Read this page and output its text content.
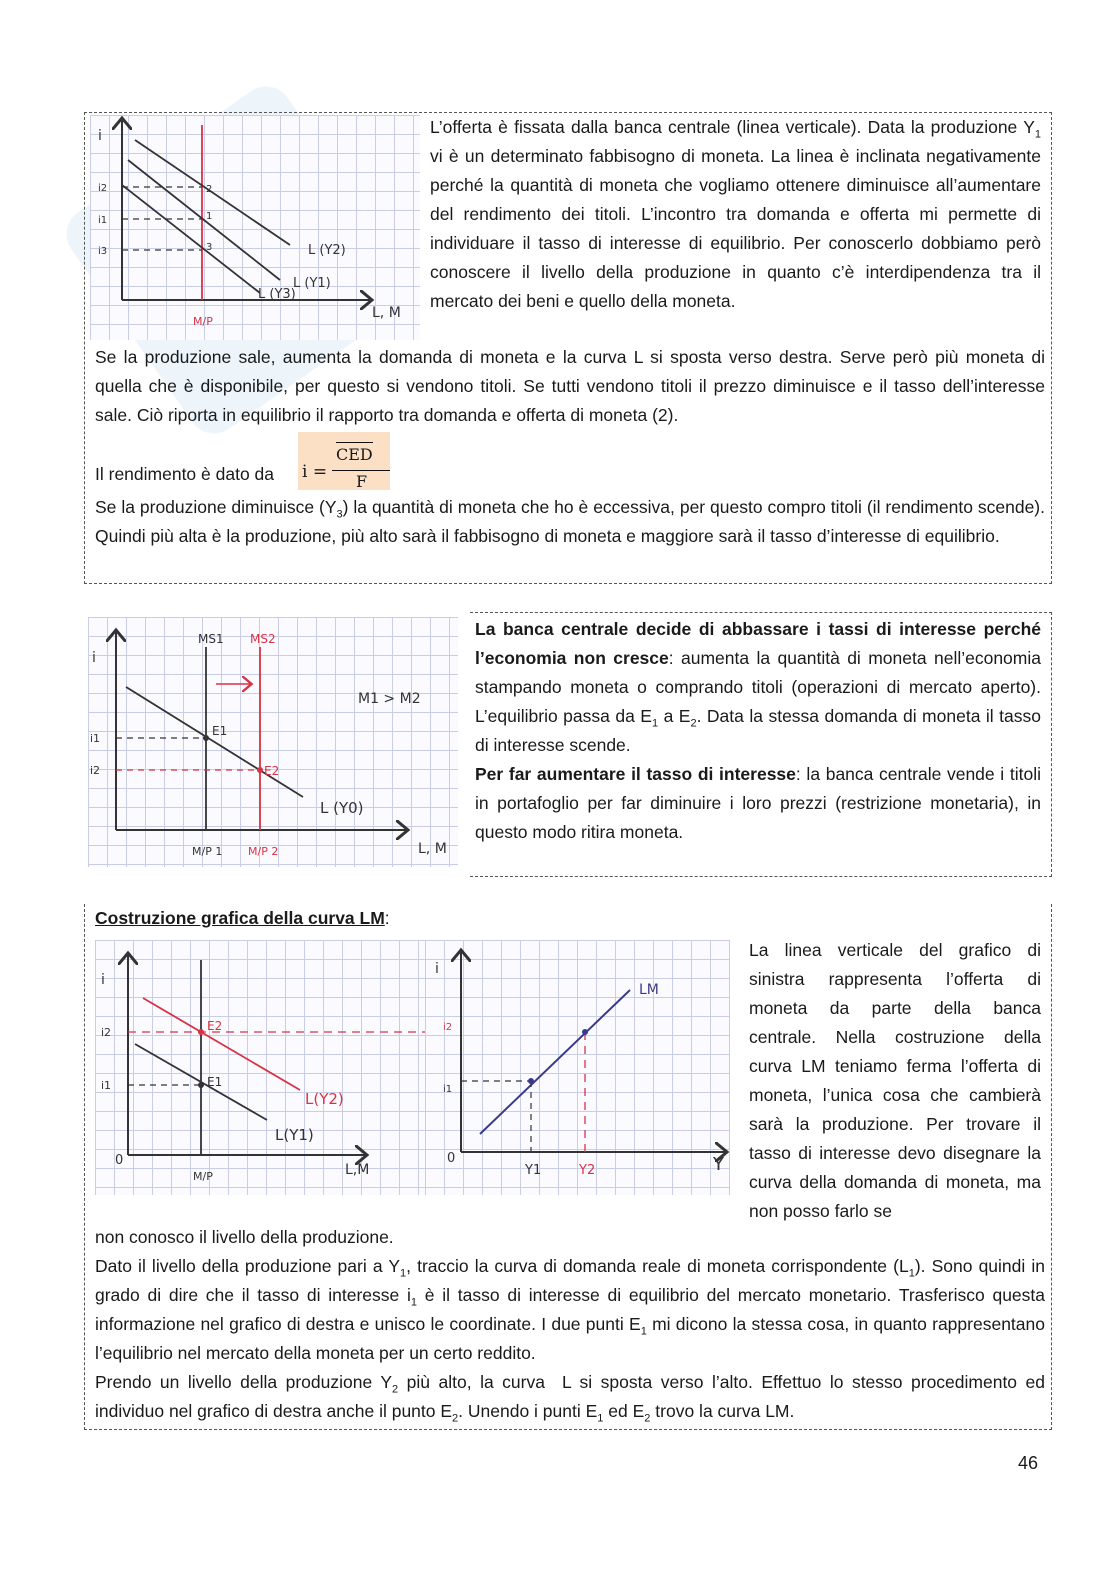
i
i2
i1
i3
2
1
3	L (Y2)
L (Y1)
L (Y3)
L, M
M/P
L’offerta è fissata dalla banca centrale (linea verticale). Data la produzione $Y_1$ vi è un determinato fabbisogno di moneta. La linea è inclinata negativamente perché la quantità di moneta che vogliamo ottenere diminuisce all’aumentare del rendimento dei titoli. L’incontro tra domanda e offerta mi permette di individuare il tasso di interesse di equilibrio. Per conoscerlo dobbiamo però conoscere il livello della produzione in quanto c’è interdipendenza tra il mercato dei beni e quello della moneta.
Se la produzione sale, aumenta la domanda di moneta e la curva L si sposta verso destra. Serve però più moneta di quella che è disponibile, per questo si vendono titoli. Se tutti vendono titoli il prezzo diminuisce e il tasso dell’interesse sale. Ciò riporta in equilibrio il rapporto tra domanda e offerta di moneta (2).
Il rendimento è dato da i =
CED
F
Se la produzione diminuisce $(Y_3)$ la quantità di moneta che ho è eccessiva, per questo compro titoli (il rendimento scende). Quindi più alta è la produzione, più alto sarà il fabbisogno di moneta e maggiore sarà il tasso d’interesse di equilibrio.
i
MS1 MS2
M1 > M2
E1
E2
i1
i2
L (Y0)
L, M
M/P 1 M/P 2
La banca centrale decide di abbassare i tassi di interesse perché l’economia non cresce: aumenta la quantità di moneta nell’economia stampando moneta o comprando titoli (operazioni di mercato aperto). L’equilibrio passa da $E_1$ a $E_2$. Data la stessa domanda di moneta il tasso di interesse scende.
Per far aumentare il tasso di interesse: la banca centrale vende i titoli in portafoglio per far diminuire i loro prezzi (restrizione monetaria), in questo modo ritira moneta.
Costruzione grafica della curva LM:
i
i2
i1
0
E2
E1
L(Y2)
L(Y1)
L,M
M/P
i
i2
i1
0
LM
Y1	Y2	Y
La linea verticale del grafico di sinistra rappresenta l’offerta di moneta da parte della banca centrale. Nella costruzione della curva LM teniamo ferma l’offerta di moneta, l’unica cosa che cambierà sarà la produzione. Per trovare il tasso di interesse devo disegnare la curva della domanda di moneta, ma non posso farlo se
non conosco il livello della produzione.
Dato il livello della produzione pari a $Y_1$, traccio la curva di domanda reale di moneta corrispondente $(L_1)$. Sono quindi in grado di dire che il tasso di interesse $i_1$ è il tasso di interesse di equilibrio del mercato monetario. Trasferisco questa informazione nel grafico di destra e unisco le coordinate. I due punti $E_1$ mi dicono la stessa cosa, in quanto rappresentano l’equilibrio nel mercato della moneta per un certo reddito.
Prendo un livello della produzione $Y_2$ più alto, la curva  L si sposta verso l’alto. Effettuo lo stesso procedimento ed individuo nel grafico di destra anche il punto $E_2$. Unendo i punti $E_1$ ed $E_2$ trovo la curva LM.
46
